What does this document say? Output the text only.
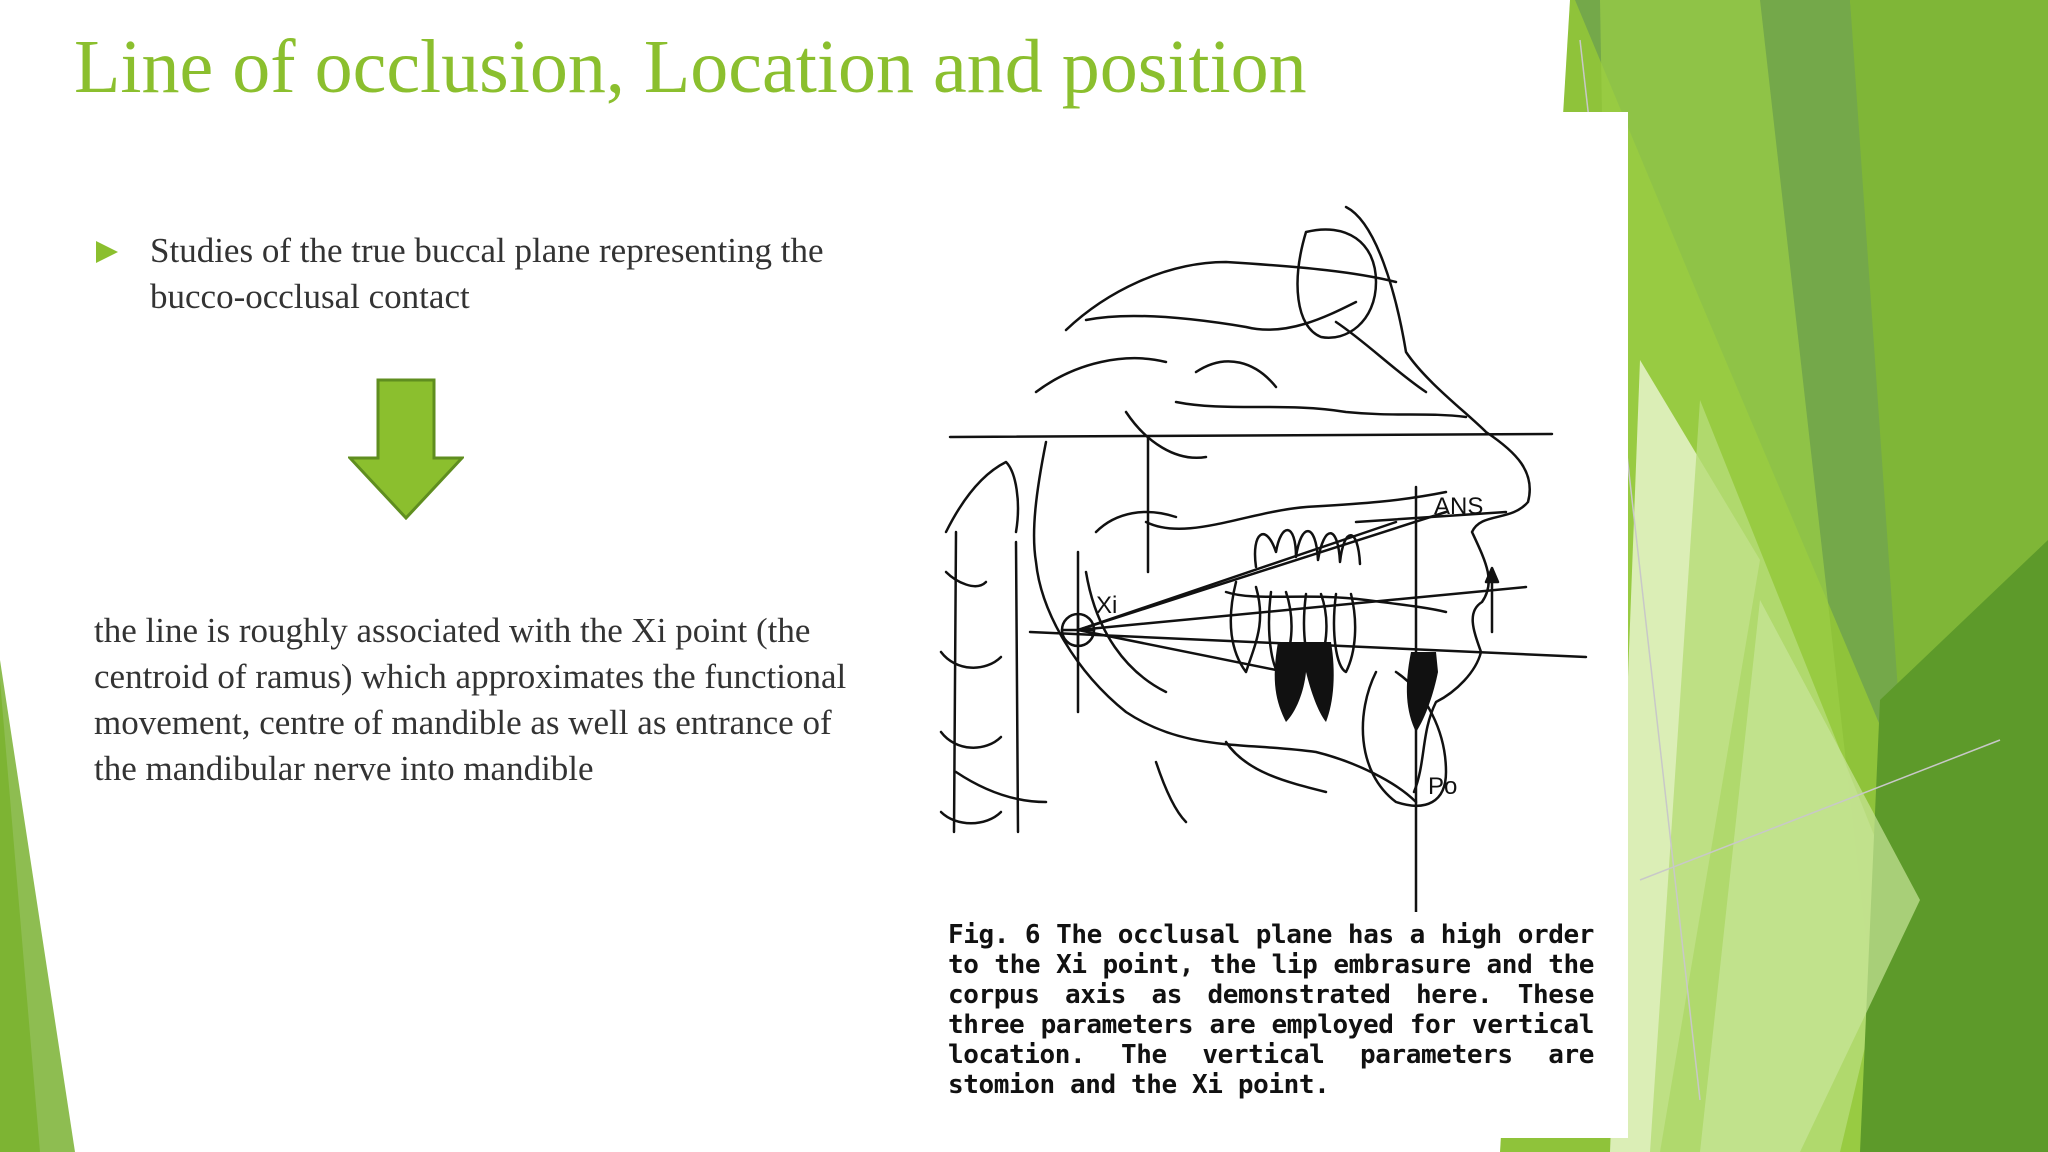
Line of occlusion, Location and position
Studies of the true buccal plane representing the bucco-occlusal contact
the line is roughly associated with the Xi point (the centroid of ramus) which approximates the functional movement, centre of mandible as well as entrance of the mandibular nerve into mandible
ANS
Xi
Po
Fig. 6 The occlusal plane has a high order to the Xi point, the lip embrasure and the corpus axis as demonstrated here. These three parameters are employed for vertical location. The vertical parameters are stomion and the Xi point.
